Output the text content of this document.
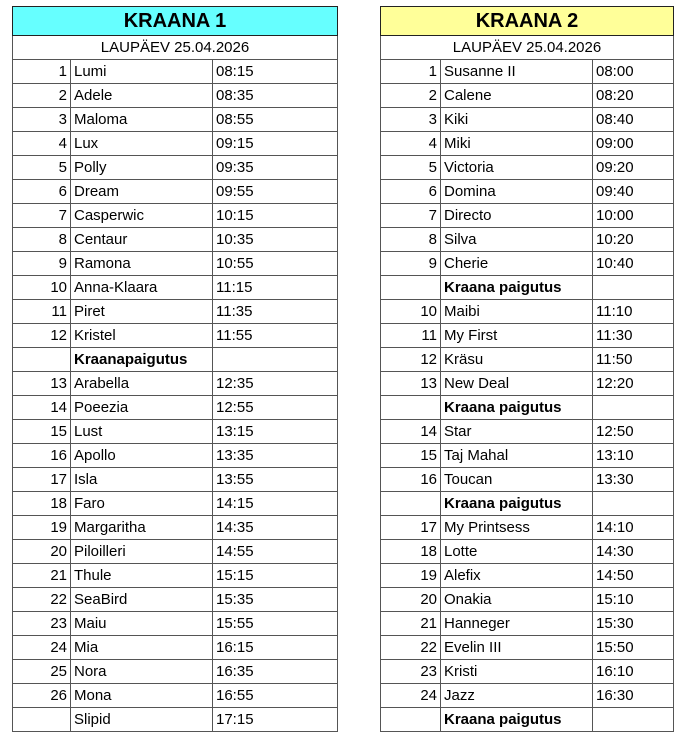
KRAANA 1		
LAUPÄEV 25.04.2026		
1	Lumi	08:15
2	Adele	08:35
3	Maloma	08:55
4	Lux	09:15
5	Polly	09:35
6	Dream	09:55
7	Casperwic	10:15
8	Centaur	10:35
9	Ramona	10:55
10	Anna-Klaara	11:15
11	Piret	11:35
12	Kristel	11:55
	Kraanapaigutus	
13	Arabella	12:35
14	Poeezia	12:55
15	Lust	13:15
16	Apollo	13:35
17	Isla	13:55
18	Faro	14:15
19	Margaritha	14:35
20	Piloilleri	14:55
21	Thule	15:15
22	SeaBird	15:35
23	Maiu	15:55
24	Mia	16:15
25	Nora	16:35
26	Mona	16:55
	Slipid	17:15
KRAANA 2		
LAUPÄEV 25.04.2026		
1	Susanne II	08:00
2	Calene	08:20
3	Kiki	08:40
4	Miki	09:00
5	Victoria	09:20
6	Domina	09:40
7	Directo	10:00
8	Silva	10:20
9	Cherie	10:40
	Kraana paigutus	
10	Maibi	11:10
11	My First	11:30
12	Kräsu	11:50
13	New Deal	12:20
	Kraana paigutus	
14	Star	12:50
15	Taj Mahal	13:10
16	Toucan	13:30
	Kraana paigutus	
17	My Printsess	14:10
18	Lotte	14:30
19	Alefix	14:50
20	Onakia	15:10
21	Hanneger	15:30
22	Evelin III	15:50
23	Kristi	16:10
24	Jazz	16:30
	Kraana paigutus	
